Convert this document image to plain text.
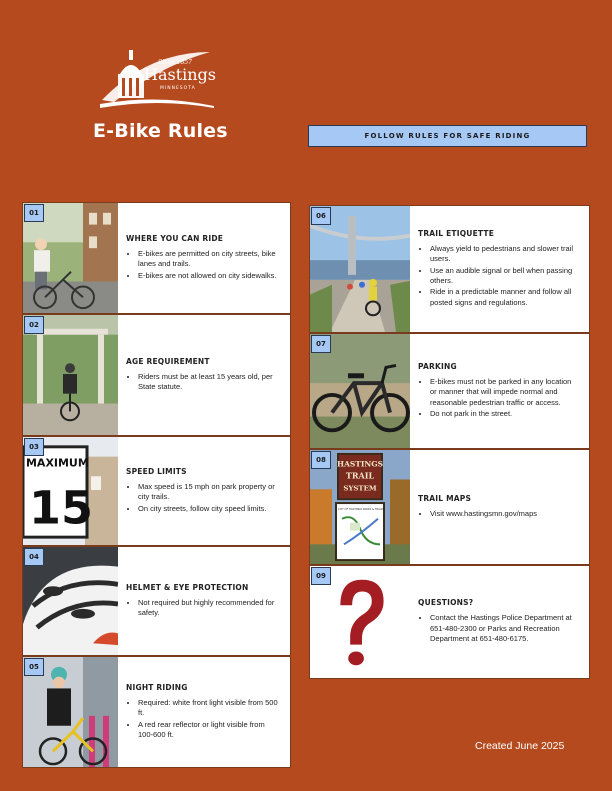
Since 1857
Hastings
MINNESOTA
E-Bike Rules	FOLLOW RULES FOR SAFE RIDING
01
WHERE YOU CAN RIDE
• E-bikes are permitted on city streets, bike lanes and trails.
• E-bikes are not allowed on city sidewalks.
02
AGE REQUIREMENT
• Riders must be at least 15 years old, per State statute.
MAXIMUM
15
03
SPEED LIMITS
• Max speed is 15 mph on park property or city trails.
• On city streets, follow city speed limits.
04
HELMET & EYE PROTECTION
• Not required but highly recommended for safety.
05
NIGHT RIDING
• Required: white front light visible from 500 ft.
• A red rear reflector or light visible from 100-600 ft.
06
TRAIL ETIQUETTE
• Always yield to pedestrians and slower trail users.
• Use an audible signal or bell when passing others.
• Ride in a predictable manner and follow all posted signs and regulations.
07
PARKING
• E-bikes must not be parked in any location or manner that will impede normal and reasonable pedestrian traffic or access.
• Do not park in the street.
HASTINGS
TRAIL
SYSTEM
CITY OF HASTINGS PARKS & TRAILS
08
TRAIL MAPS
• Visit www.hastingsmn.gov/maps
09
QUESTIONS?
• Contact the Hastings Police Department at 651-480-2300 or Parks and Recreation Department at 651-480-6175.
Created June 2025
